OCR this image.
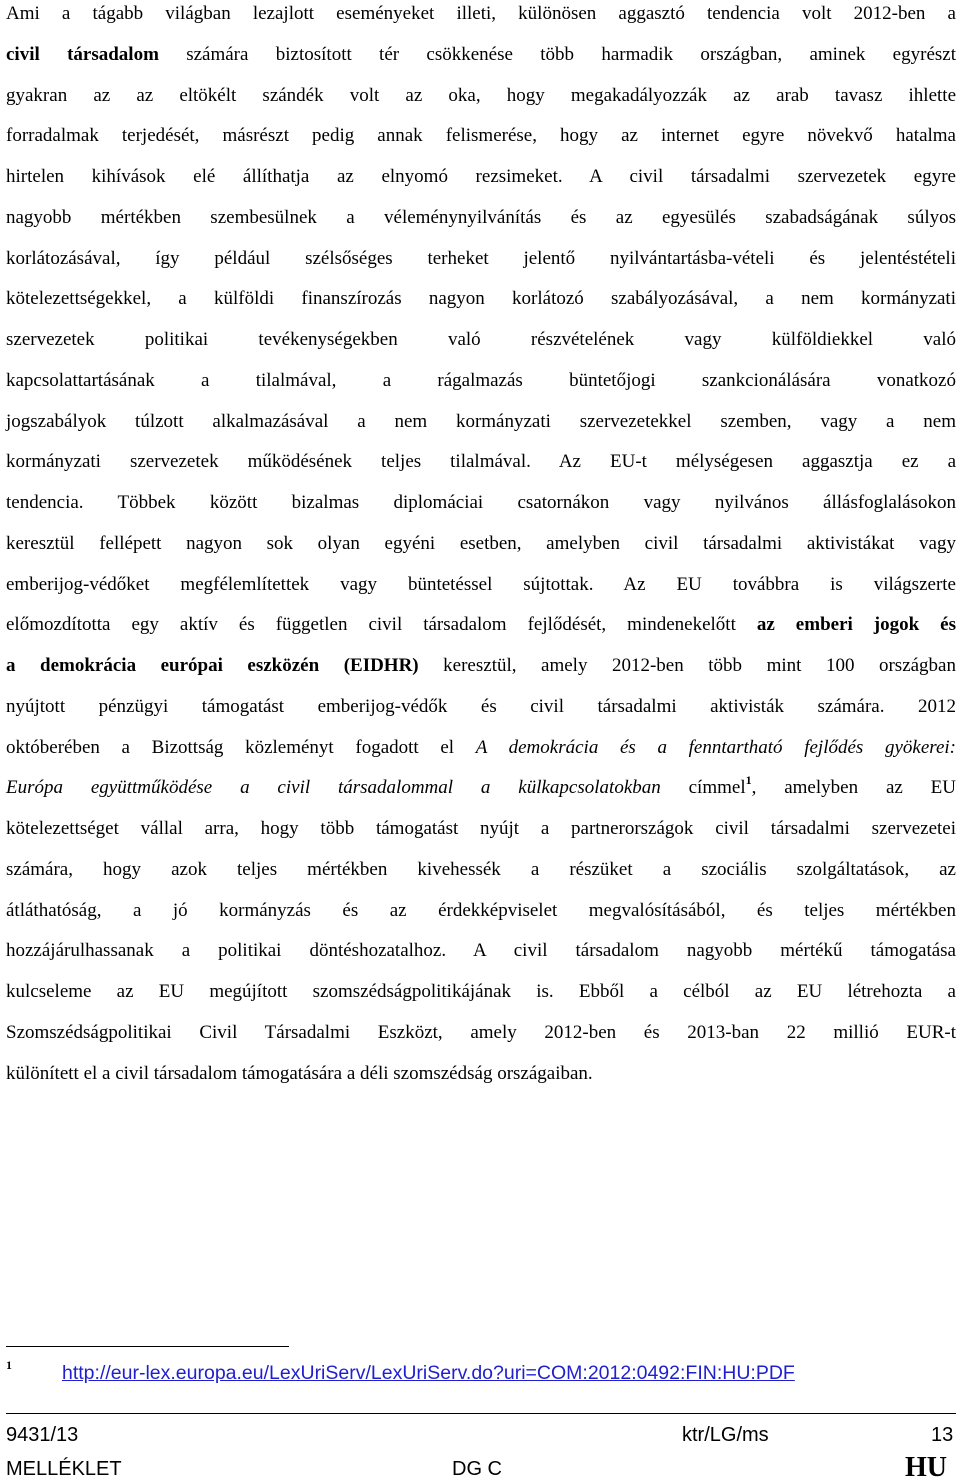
Ami a tágabb világban lezajlott eseményeket illeti, különösen aggasztó tendencia volt 2012-ben a
civil társadalom számára biztosított tér csökkenése több harmadik országban, aminek egyrészt
gyakran az az eltökélt szándék volt az oka, hogy megakadályozzák az arab tavasz ihlette
forradalmak terjedését, másrészt pedig annak felismerése, hogy az internet egyre növekvő hatalma
hirtelen kihívások elé állíthatja az elnyomó rezsimeket. A civil társadalmi szervezetek egyre
nagyobb mértékben szembesülnek a véleménynyilvánítás és az egyesülés szabadságának súlyos
korlátozásával, így például szélsőséges terheket jelentő nyilvántartásba-vételi és jelentéstételi
kötelezettségekkel, a külföldi finanszírozás nagyon korlátozó szabályozásával, a nem kormányzati
szervezetek politikai tevékenységekben való részvételének vagy külföldiekkel való
kapcsolattartásának a tilalmával, a rágalmazás büntetőjogi szankcionálására vonatkozó
jogszabályok túlzott alkalmazásával a nem kormányzati szervezetekkel szemben, vagy a nem
kormányzati szervezetek működésének teljes tilalmával. Az EU-t mélységesen aggasztja ez a
tendencia. Többek között bizalmas diplomáciai csatornákon vagy nyilvános állásfoglalásokon
keresztül fellépett nagyon sok olyan egyéni esetben, amelyben civil társadalmi aktivistákat vagy
emberijog-védőket megfélemlítettek vagy büntetéssel sújtottak. Az EU továbbra is világszerte
előmozdította egy aktív és független civil társadalom fejlődését, mindenekelőtt az emberi jogok és
a demokrácia európai eszközén (EIDHR) keresztül, amely 2012-ben több mint 100 országban
nyújtott pénzügyi támogatást emberijog-védők és civil társadalmi aktivisták számára. 2012
októberében a Bizottság közleményt fogadott el A demokrácia és a fenntartható fejlődés gyökerei:
Európa együttműködése a civil társadalommal a külkapcsolatokban címmel$^1$, amelyben az EU
kötelezettséget vállal arra, hogy több támogatást nyújt a partnerországok civil társadalmi szervezetei
számára, hogy azok teljes mértékben kivehessék a részüket a szociális szolgáltatások, az
átláthatóság, a jó kormányzás és az érdekképviselet megvalósításából, és teljes mértékben
hozzájárulhassanak a politikai döntéshozatalhoz. A civil társadalom nagyobb mértékű támogatása
kulcseleme az EU megújított szomszédságpolitikájának is. Ebből a célból az EU létrehozta a
Szomszédságpolitikai Civil Társadalmi Eszközt, amely 2012-ben és 2013-ban 22 millió EUR-t
különített el a civil társadalom támogatására a déli szomszédság országaiban.
1	http://eur-lex.europa.eu/LexUriServ/LexUriServ.do?uri=COM:2012:0492:FIN:HU:PDF
9431/13	ktr/LG/ms	13
MELLÉKLET	DG C	HU
